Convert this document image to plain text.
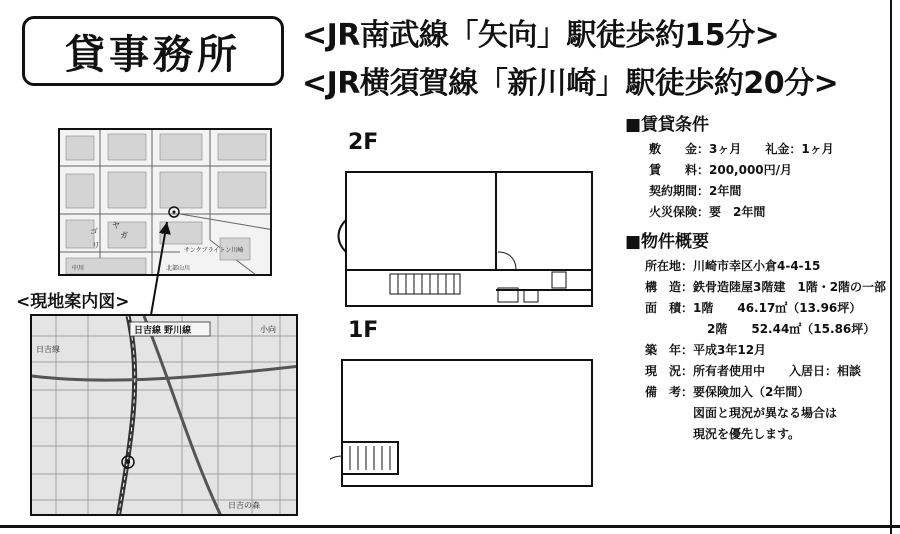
貸事務所	<JR南武線「矢向」駅徒歩約15分>
<JR横須賀線「新川崎」駅徒歩約20分>
ヤ
ガ	シ
ゴ
リ
サンクブライトン川崎
北部山川
中川
<現地案内図>
日吉線 野川線
日吉線
日吉の森
小向
2F
1F
■賃貸条件
敷　　金：3ヶ月　　礼金：1ヶ月
賃　　料：200,000円/月
契約期間：2年間
火災保険：要　2年間
■物件概要
所在地：川崎市幸区小倉4-4-15
構　造：鉄骨造陸屋3階建　1階・2階の一部
面　積：1階　　46.17㎡（13.96坪）
2階　　52.44㎡（15.86坪）
築　年：平成3年12月
現　況：所有者使用中　　入居日：相談
備　考：要保険加入（2年間）
図面と現況が異なる場合は
現況を優先します。
